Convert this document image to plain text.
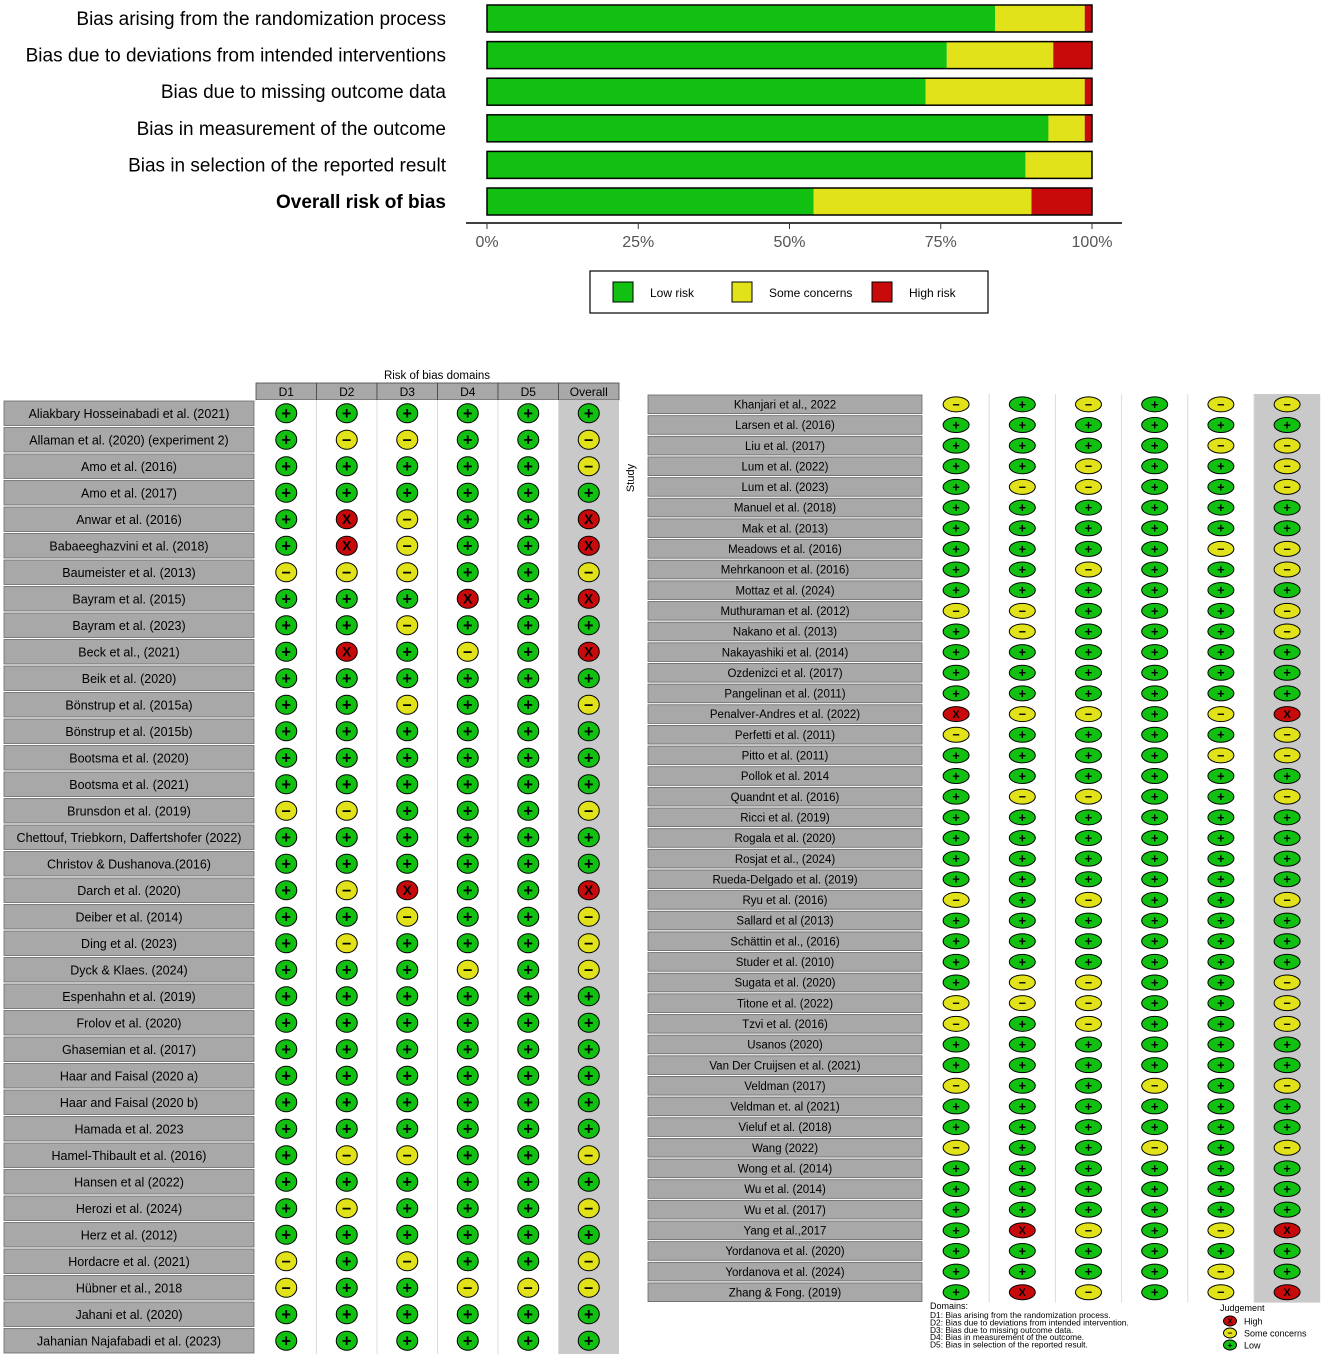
Bias arising from the randomization process
Bias due to deviations from intended interventions
Bias due to missing outcome data
Bias in measurement of the outcome
Bias in selection of the reported result
Overall risk of bias
0%	25%	50%	75%	100%
Low risk	Some concerns	High risk
Risk of bias domains
D1	D2	D3	D4	D5	Overall
Aliakbary Hosseinabadi et al. (2021)	+	+	+	+	+	+
Allaman et al. (2020) (experiment 2)	+	−	−	+	+	−
Amo et al. (2016)	+	+	+	+	+	−
Amo et al. (2017)	+	+	+	+	+	+
Anwar et al. (2016)	+	X	−	+	+	X
Babaeeghazvini et al. (2018)	+	X	−	+	+	X
Baumeister et al. (2013)	−	−	−	+	+	−
Bayram et al. (2015)	+	+	+	X	+	X
Bayram et al. (2023)	+	+	−	+	+	+
Beck et al., (2021)	+	X	+	−	+	X
Beik et al. (2020)	+	+	+	+	+	+
Bönstrup et al. (2015a)	+	+	−	+	+	−
Bönstrup et al. (2015b)	+	+	+	+	+	+
Bootsma et al. (2020)	+	+	+	+	+	+
Bootsma et al. (2021)	+	+	+	+	+	+
Brunsdon et al. (2019)	−	−	+	+	+	−
Chettouf, Triebkorn, Daffertshofer (2022) +	+	+	+	+	+
Christov & Dushanova.(2016)	+	+	+	+	+	+
Darch et al. (2020)	+	−	X	+	+	X
Deiber et al. (2014)	+	+	−	+	+	−
Ding et al. (2023)	+	−	+	+	+	−
Dyck & Klaes. (2024)	+	+	+	−	+	−
Espenhahn et al. (2019)	+	+	+	+	+	+
Frolov et al. (2020)	+	+	+	+	+	+
Ghasemian et al. (2017)	+	+	+	+	+	+
Haar and Faisal (2020 a)	+	+	+	+	+	+
Haar and Faisal (2020 b)	+	+	+	+	+	+
Hamada et al. 2023	+	+	+	+	+	+
Hamel-Thibault et al. (2016)	+	−	−	+	+	−
Hansen et al (2022)	+	+	+	+	+	+
Herozi et al. (2024)	+	−	+	+	+	−
Herz et al. (2012)	+	+	+	+	+	+
Hordacre et al. (2021)	−	+	−	+	+	−
Hübner et al., 2018	−	+	+	−	−	−
Jahani et al. (2020)	+	+	+	+	+	+
Jahanian Najafabadi et al. (2023)	+	+	+	+	+	+
Khanjari et al., 2022	−	+	−	+	−	−
Larsen et al. (2016)	+	+	+	+	+	+
Liu et al. (2017)	+	+	+	+	−	−
Lum et al. (2022)	+	+	−	+	+	−
Lum et al. (2023)	+	−	−	+	+	−
Manuel et al. (2018)	+	+	+	+	+	+
Mak et al. (2013)	+	+	+	+	+	+
Meadows et al. (2016)	+	+	+	+	−	−
Mehrkanoon et al. (2016)	+	+	−	+	+	−
Mottaz et al. (2024)	+	+	+	+	+	+
Muthuraman et al. (2012)	−	−	+	+	+	−
Nakano et al. (2013)	+	−	+	+	+	−
Nakayashiki et al. (2014)	+	+	+	+	+	+
Ozdenizci et al. (2017)	+	+	+	+	+	+
Pangelinan et al. (2011)	+	+	+	+	+	+
Penalver-Andres et al. (2022)	X	−	−	+	−	X
Perfetti et al. (2011)	−	+	+	+	+	−
Pitto et al. (2011)	+	+	+	+	−	−
Pollok et al. 2014	+	+	+	+	+	+
Quandnt et al. (2016)	+	−	−	+	+	−
Ricci et al. (2019)	+	+	+	+	+	+
Rogala et al. (2020)	+	+	+	+	+	+
Rosjat et al., (2024)	+	+	+	+	+	+
Rueda-Delgado et al. (2019)	+	+	+	+	+	+
Ryu et al. (2016)	−	+	−	+	+	−
Sallard et al (2013)	+	+	+	+	+	+
Schättin et al., (2016)	+	+	+	+	+	+
Studer et al. (2010)	+	+	+	+	+	+
Sugata et al. (2020)	+	−	−	+	+	−
Titone et al. (2022)	−	−	−	+	+	−
Tzvi et al. (2016)	−	+	−	+	+	−
Usanos (2020)	+	+	+	+	+	+
Van Der Cruijsen et al. (2021)	+	+	+	+	+	+
Veldman (2017)	−	+	+	−	+	−
Veldman et. al (2021)	+	+	+	+	+	+
Vieluf et al. (2018)	+	+	+	+	+	+
Wang (2022)	−	+	+	−	+	−
Wong et al. (2014)	+	+	+	+	+	+
Wu et al. (2014)	+	+	+	+	+	+
Wu et al. (2017)	+	+	+	+	+	+
Yang et al.,2017	+	X	−	+	−	X
Yordanova et al. (2020)	+	+	+	+	+	+
Yordanova et al. (2024)	+	+	+	+	−	+
Zhang & Fong. (2019)	+	X	−	+	−	X
Study
Domains:
D1: Bias arising from the randomization process.
D2: Bias due to deviations from intended intervention.
D3: Bias due to missing outcome data.
D4: Bias in measurement of the outcome.
D5: Bias in selection of the reported result.
Judgement
X High
− Some concerns
+ Low
